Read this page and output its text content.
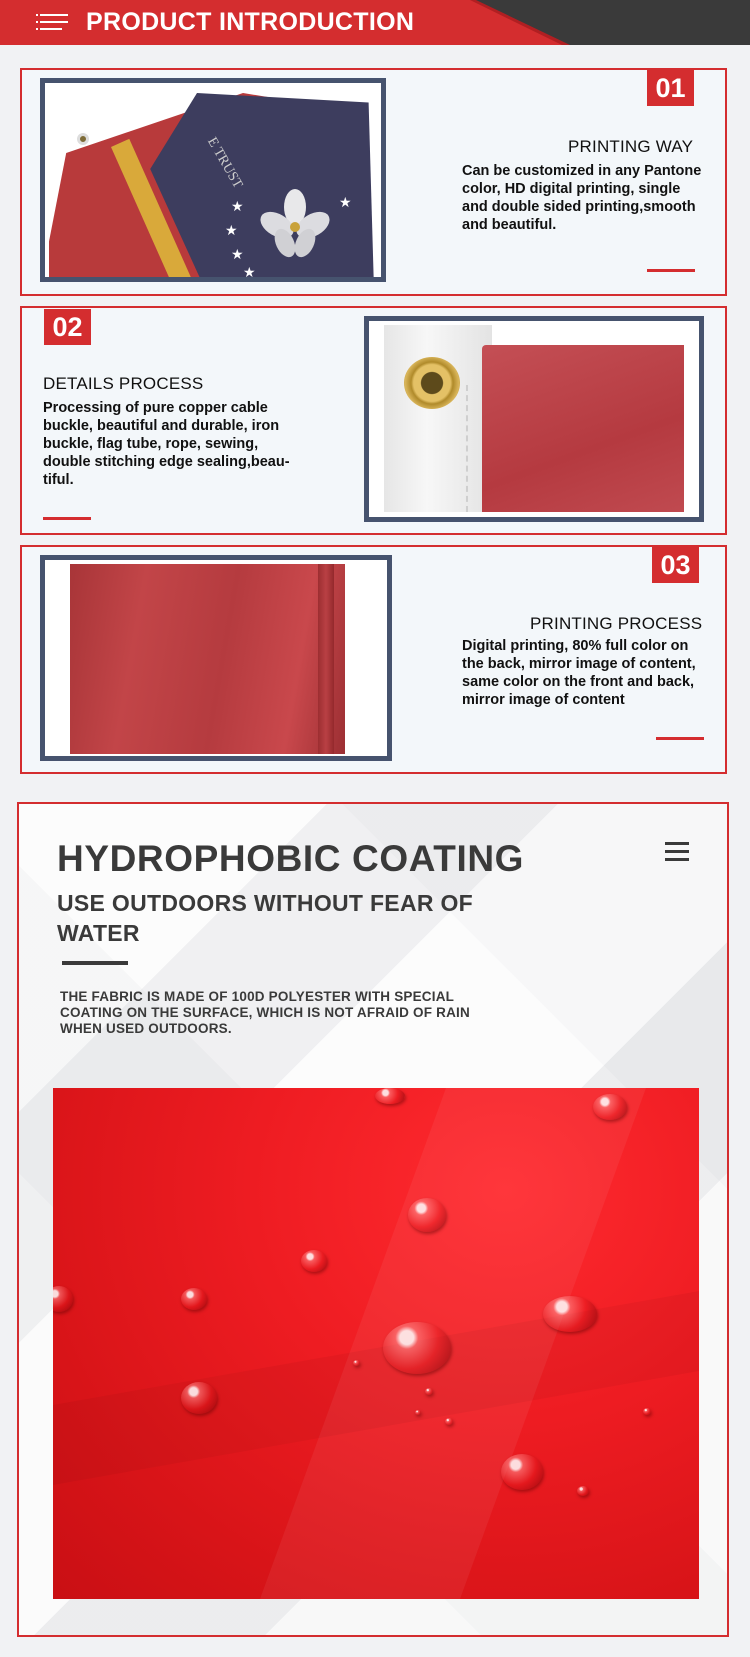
PRODUCT INTRODUCTION
E TRUST
★
★
★
★
★
01
PRINTING WAY
Can be customized in any Pantone
color, HD digital printing, single
and double sided printing,smooth
and beautiful.
02
DETAILS PROCESS
Processing of pure copper cable
buckle, beautiful and durable, iron
buckle, flag tube, rope, sewing,
double stitching edge sealing,beau-
tiful.
03
PRINTING PROCESS
Digital printing, 80% full color on
the back, mirror image of content,
same color on the front and back,
mirror image of content
HYDROPHOBIC COATING
USE OUTDOORS WITHOUT FEAR OF
WATER
THE FABRIC IS MADE OF 100D POLYESTER WITH SPECIAL
COATING ON THE SURFACE, WHICH IS NOT AFRAID OF RAIN
WHEN USED OUTDOORS.
